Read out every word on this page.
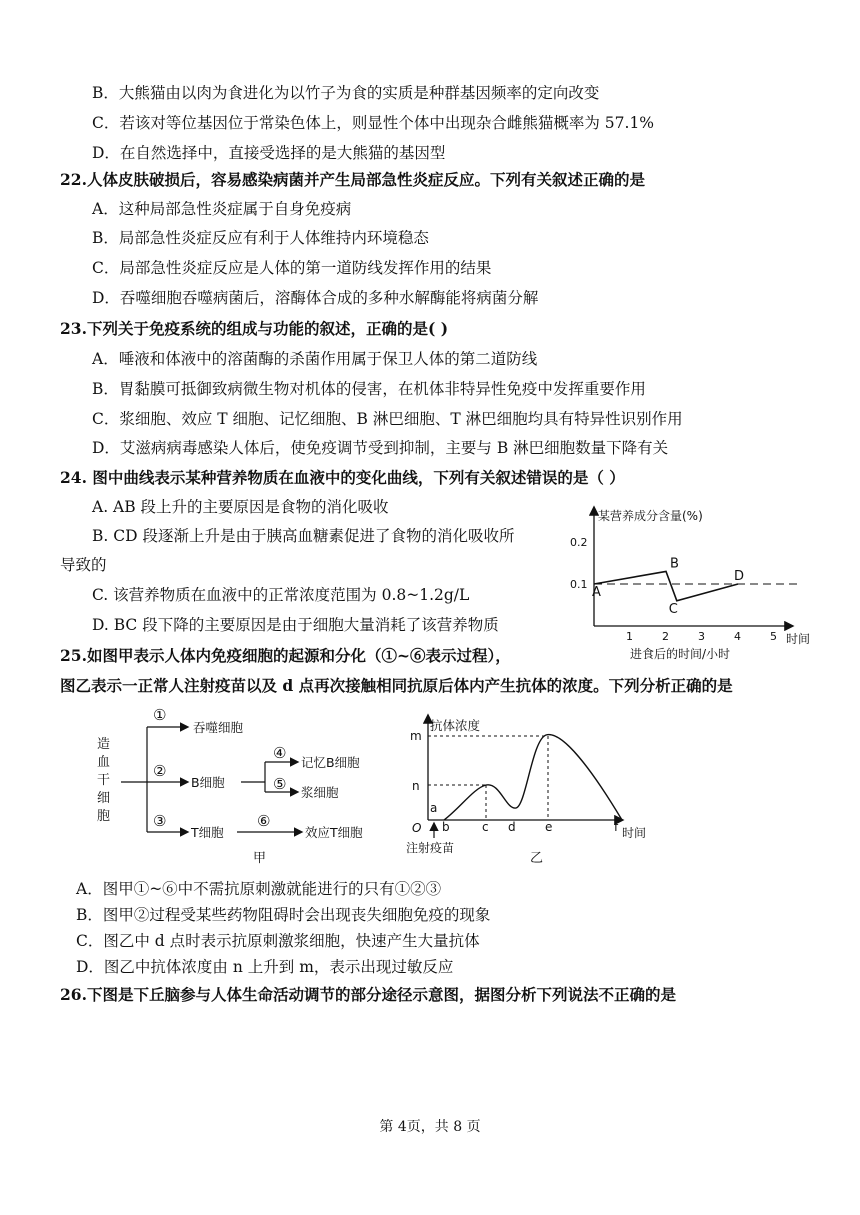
B．大熊猫由以肉为食进化为以竹子为食的实质是种群基因频率的定向改变
C．若该对等位基因位于常染色体上，则显性个体中出现杂合雌熊猫概率为 57.1%
D．在自然选择中，直接受选择的是大熊猫的基因型
22.人体皮肤破损后，容易感染病菌并产生局部急性炎症反应。下列有关叙述正确的是
A．这种局部急性炎症属于自身免疫病
B．局部急性炎症反应有利于人体维持内环境稳态
C．局部急性炎症反应是人体的第一道防线发挥作用的结果
D．吞噬细胞吞噬病菌后，溶酶体合成的多种水解酶能将病菌分解
23.下列关于免疫系统的组成与功能的叙述，正确的是( )
A．唾液和体液中的溶菌酶的杀菌作用属于保卫人体的第二道防线
B．胃黏膜可抵御致病微生物对机体的侵害，在机体非特异性免疫中发挥重要作用
C．浆细胞、效应 T 细胞、记忆细胞、B 淋巴细胞、T 淋巴细胞均具有特异性识别作用
D．艾滋病病毒感染人体后，使免疫调节受到抑制，主要与 B 淋巴细胞数量下降有关
24. 图中曲线表示某种营养物质在血液中的变化曲线，下列有关叙述错误的是（ ）
A. AB 段上升的主要原因是食物的消化吸收
B. CD 段逐渐上升是由于胰高血糖素促进了食物的消化吸收所
导致的
C. 该营养物质在血液中的正常浓度范围为 0.8~1.2g/L
D. BC 段下降的主要原因是由于细胞大量消耗了该营养物质
某营养成分含量(%)
0.2
0.1
1	2	3	4	5 时间
进食后的时间/小时
A
B
C
D
25.如图甲表示人体内免疫细胞的起源和分化（①~⑥表示过程），
图乙表示一正常人注射疫苗以及 d 点再次接触相同抗原后体内产生抗体的浓度。下列分析正确的是
造
血
干
细
胞
①
②
③
吞噬细胞
B细胞
T细胞
④
⑤
记忆B细胞
浆细胞
⑥
效应T细胞
甲
抗体浓度
m
n
O
a
b	c d e	f 时间
注射疫苗
乙
A．图甲①~⑥中不需抗原刺激就能进行的只有①②③
B．图甲②过程受某些药物阻碍时会出现丧失细胞免疫的现象
C．图乙中 d 点时表示抗原刺激浆细胞，快速产生大量抗体
D．图乙中抗体浓度由 n 上升到 m，表示出现过敏反应
26.下图是下丘脑参与人体生命活动调节的部分途径示意图，据图分析下列说法不正确的是
第 4页，共 8 页
